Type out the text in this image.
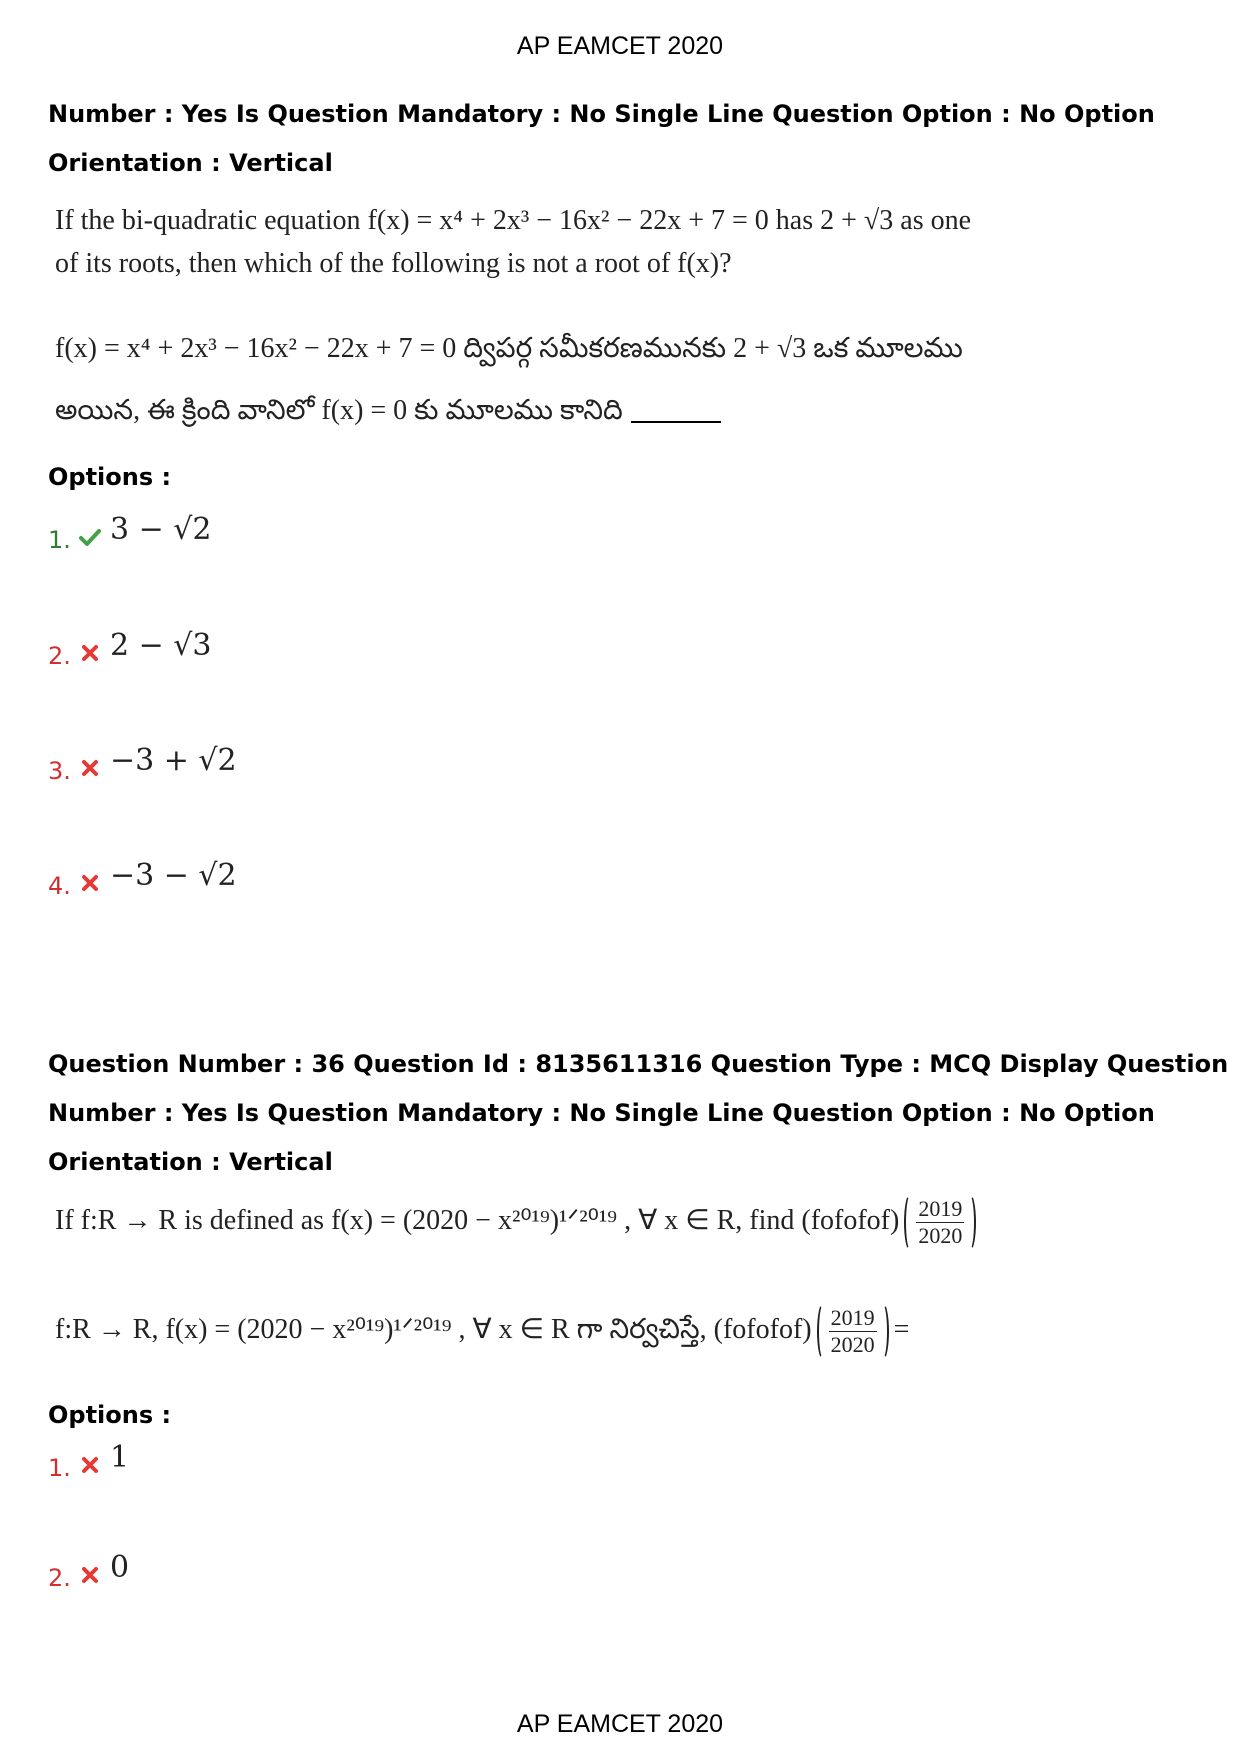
AP EAMCET 2020
Number : Yes Is Question Mandatory : No Single Line Question Option : No Option
Orientation : Vertical
If the bi-quadratic equation f(x) = x⁴ + 2x³ − 16x² − 22x + 7 = 0 has 2 + √3 as one
of its roots, then which of the following is not a root of f(x)?
f(x) = x⁴ + 2x³ − 16x² − 22x + 7 = 0 ద్విపర్గ సమీకరణమునకు 2 + √3 ఒక మూలము
అయిన, ఈ క్రింది వానిలో f(x) = 0 కు మూలము కానిది
Options :
1. 3 − √2
2. 2 − √3
3. −3 + √2
4. −3 − √2
Question Number : 36 Question Id : 8135611316 Question Type : MCQ Display Question
Number : Yes Is Question Mandatory : No Single Line Question Option : No Option
Orientation : Vertical
If f:R → R is defined as f(x) = (2020 − x²⁰¹⁹)¹ᐟ²⁰¹⁹ , ∀ x ∈ R, find (fofofof) $\frac{2019}{2020}$
f:R → R, f(x) = (2020 − x²⁰¹⁹)¹ᐟ²⁰¹⁹ , ∀ x ∈ R గా నిర్వచిస్తే, (fofofof) $\frac{2019}{2020}$ =
Options :
1. 1
2. 0
AP EAMCET 2020
